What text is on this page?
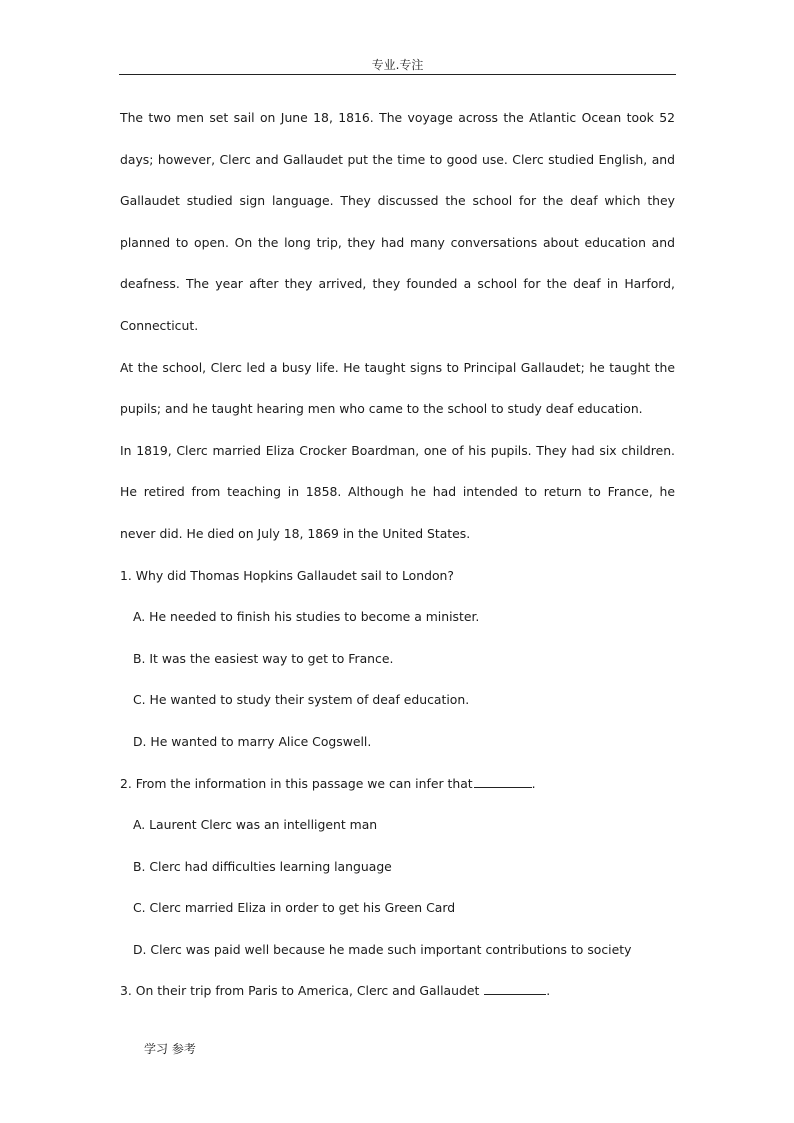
专业.专注

The two men set sail on June 18, 1816. The voyage across the Atlantic Ocean took 52 days; however, Clerc and Gallaudet put the time to good use. Clerc studied English, and Gallaudet studied sign language. They discussed the school for the deaf which they planned to open. On the long trip, they had many conversations about education and deafness. The year after they arrived, they founded a school for the deaf in Harford, Connecticut.

At the school, Clerc led a busy life. He taught signs to Principal Gallaudet; he taught the pupils; and he taught hearing men who came to the school to study deaf education.

In 1819, Clerc married Eliza Crocker Boardman, one of his pupils. They had six children. He retired from teaching in 1858. Although he had intended to return to France, he never did. He died on July 18, 1869 in the United States.

1. Why did Thomas Hopkins Gallaudet sail to London?

A. He needed to finish his studies to become a minister.

B. It was the easiest way to get to France.

C. He wanted to study their system of deaf education.

D. He wanted to marry Alice Cogswell.

2. From the information in this passage we can infer that	.

A. Laurent Clerc was an intelligent man

B. Clerc had difficulties learning language

C. Clerc married Eliza in order to get his Green Card

D. Clerc was paid well because he made such important contributions to society

3. On their trip from Paris to America, Clerc and Gallaudet	.

学习 参考
